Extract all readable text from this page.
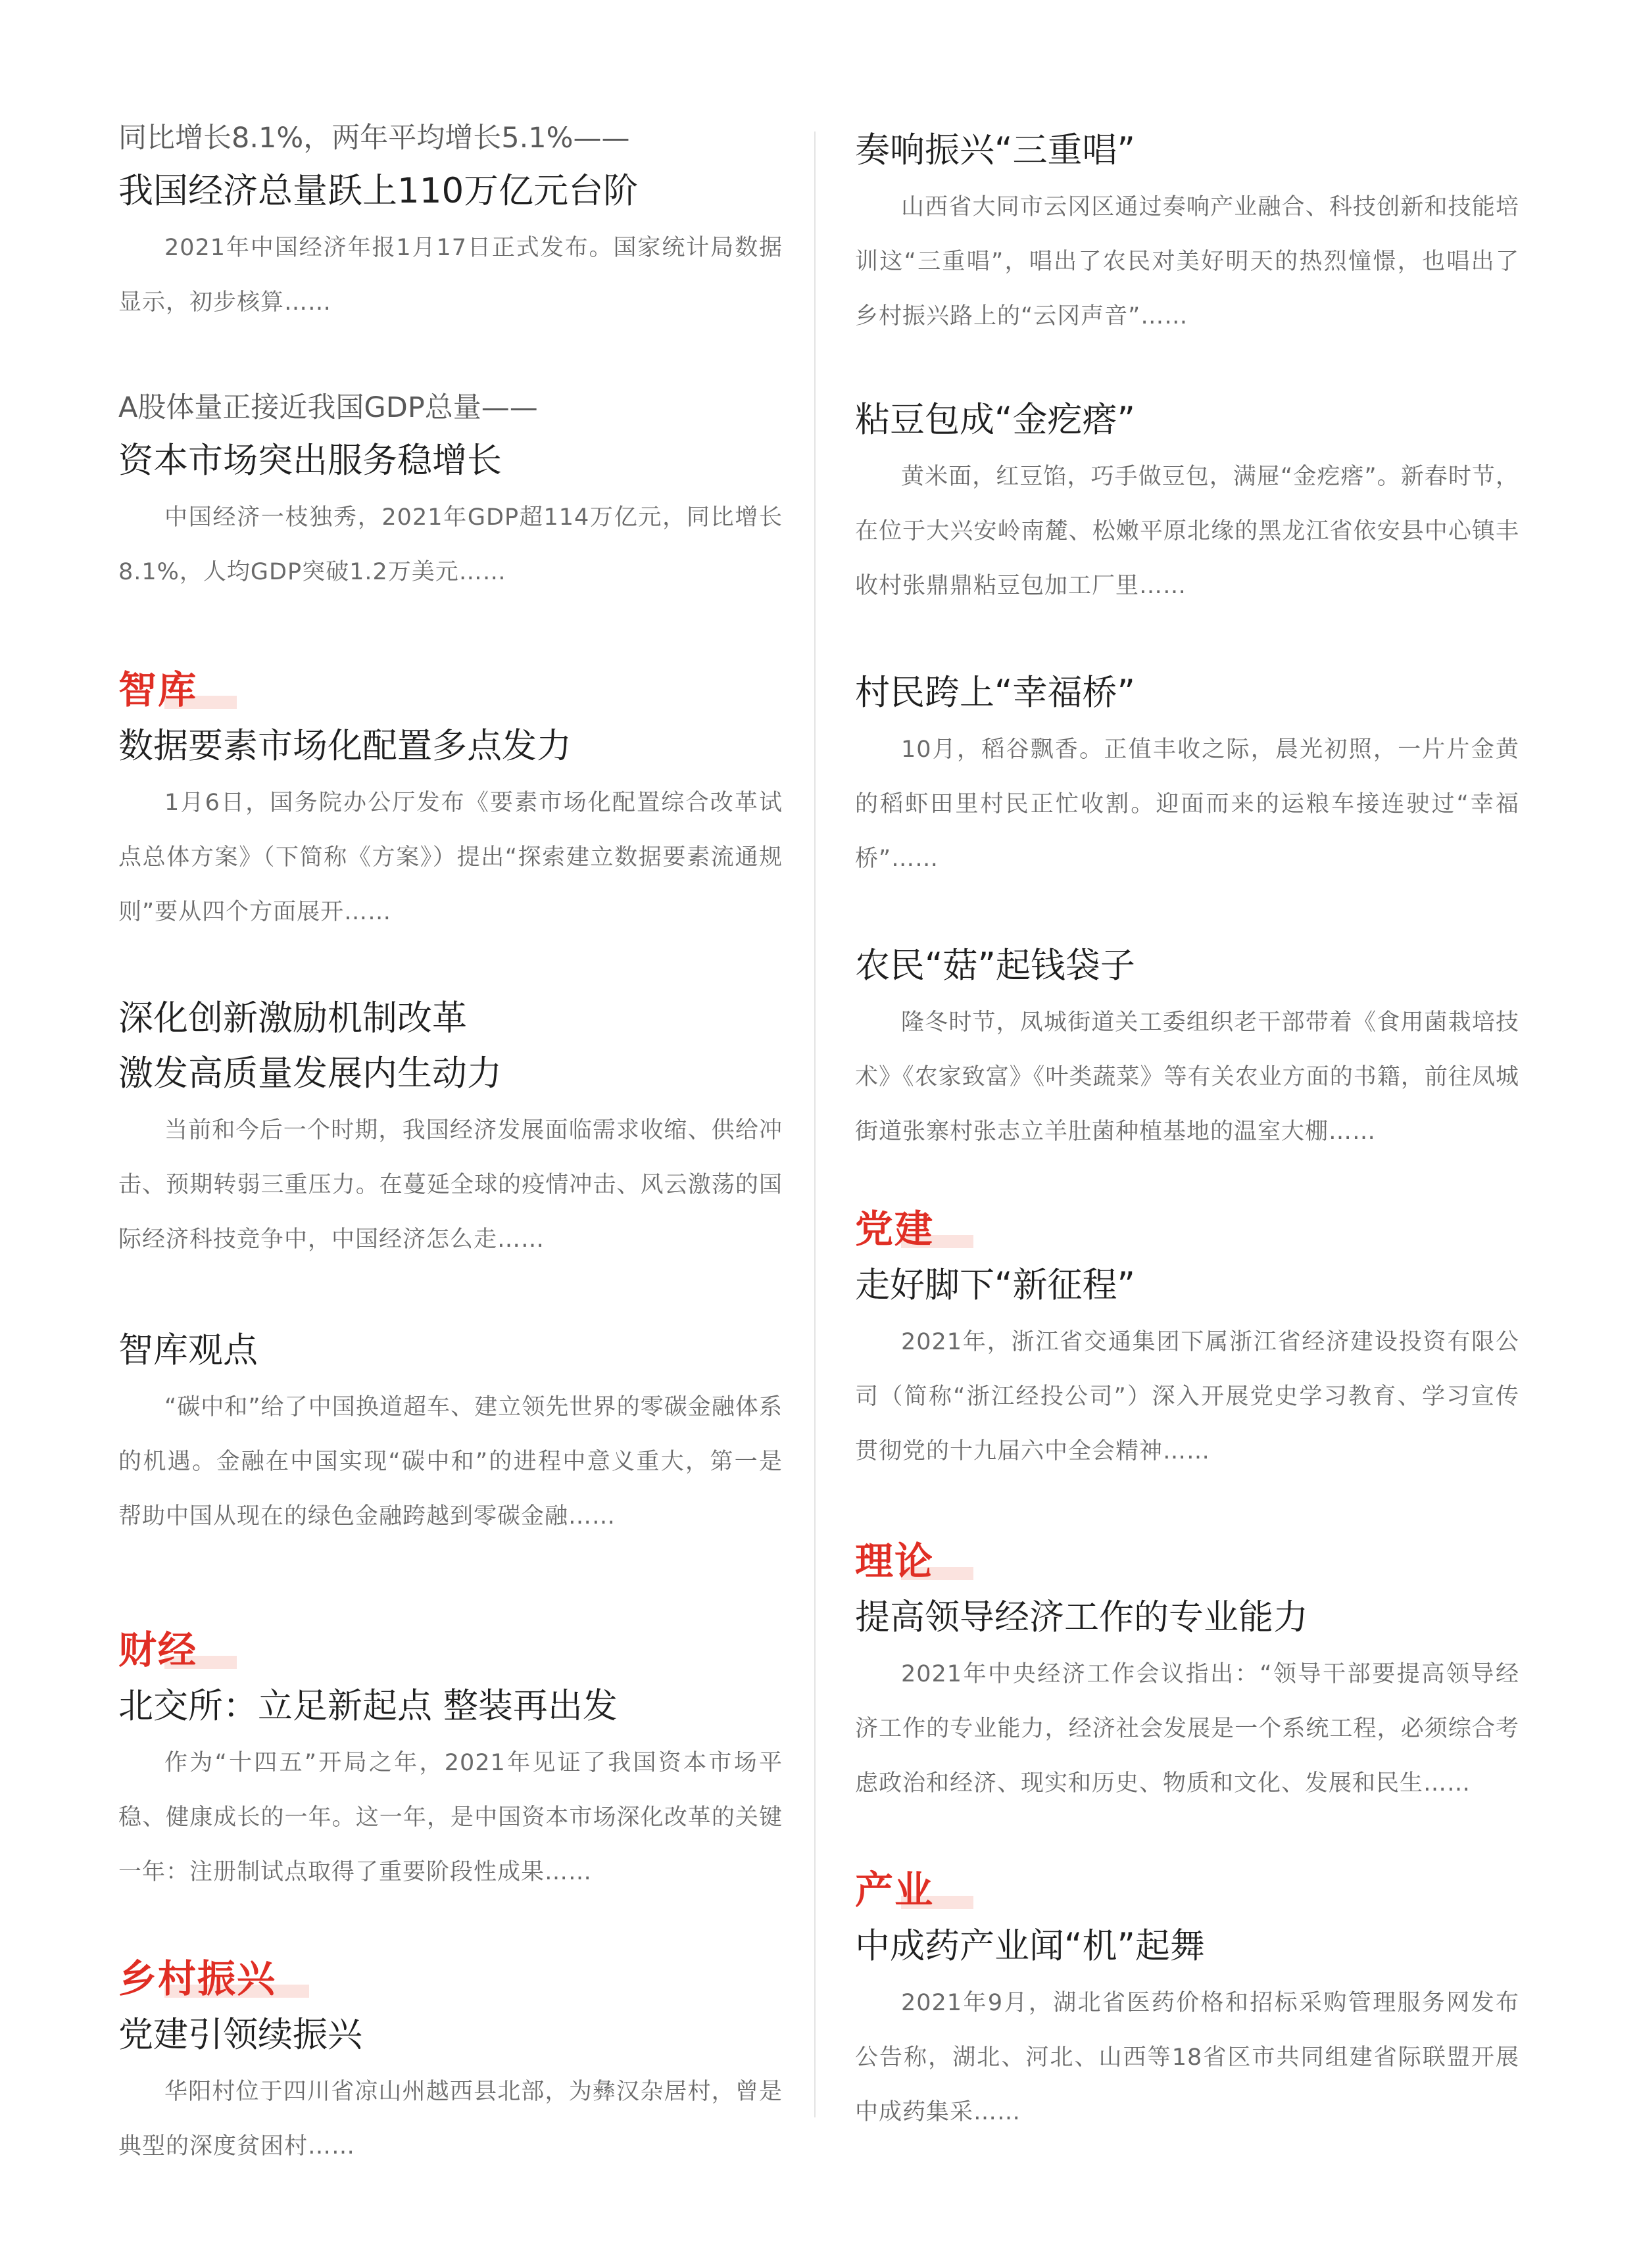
同比增长8.1%，两年平均增长5.1%——

我国经济总量跃上110万亿元台阶

2021年中国经济年报1月17日正式发布。国家统计局数据显示，初步核算……

A股体量正接近我国GDP总量——

资本市场突出服务稳增长

中国经济一枝独秀，2021年GDP超114万亿元，同比增长8.1%，人均GDP突破1.2万美元……

智库

数据要素市场化配置多点发力

1月6日，国务院办公厅发布《要素市场化配置综合改革试点总体方案》（下简称《方案》）提出“探索建立数据要素流通规则”要从四个方面展开……

深化创新激励机制改革

激发高质量发展内生动力

当前和今后一个时期，我国经济发展面临需求收缩、供给冲击、预期转弱三重压力。在蔓延全球的疫情冲击、风云激荡的国际经济科技竞争中，中国经济怎么走……

智库观点

“碳中和”给了中国换道超车、建立领先世界的零碳金融体系的机遇。金融在中国实现“碳中和”的进程中意义重大，第一是帮助中国从现在的绿色金融跨越到零碳金融……

财经

北交所：立足新起点 整装再出发

作为“十四五”开局之年，2021年见证了我国资本市场平稳、健康成长的一年。这一年，是中国资本市场深化改革的关键一年：注册制试点取得了重要阶段性成果……

乡村振兴

党建引领续振兴

华阳村位于四川省凉山州越西县北部，为彝汉杂居村，曾是典型的深度贫困村……

奏响振兴“三重唱”

山西省大同市云冈区通过奏响产业融合、科技创新和技能培训这“三重唱”，唱出了农民对美好明天的热烈憧憬，也唱出了乡村振兴路上的“云冈声音”……

粘豆包成“金疙瘩”

黄米面，红豆馅，巧手做豆包，满屉“金疙瘩”。新春时节，在位于大兴安岭南麓、松嫩平原北缘的黑龙江省依安县中心镇丰收村张鼎鼎粘豆包加工厂里……

村民跨上“幸福桥”

10月，稻谷飘香。正值丰收之际，晨光初照，一片片金黄的稻虾田里村民正忙收割。迎面而来的运粮车接连驶过“幸福桥”……

农民“菇”起钱袋子

隆冬时节，凤城街道关工委组织老干部带着《食用菌栽培技术》《农家致富》《叶类蔬菜》等有关农业方面的书籍，前往凤城街道张寨村张志立羊肚菌种植基地的温室大棚……

党建

走好脚下“新征程”

2021年，浙江省交通集团下属浙江省经济建设投资有限公司（简称“浙江经投公司”）深入开展党史学习教育、学习宣传贯彻党的十九届六中全会精神……

理论

提高领导经济工作的专业能力

2021年中央经济工作会议指出：“领导干部要提高领导经济工作的专业能力，经济社会发展是一个系统工程，必须综合考虑政治和经济、现实和历史、物质和文化、发展和民生……

产业

中成药产业闻“机”起舞

2021年9月，湖北省医药价格和招标采购管理服务网发布公告称，湖北、河北、山西等18省区市共同组建省际联盟开展中成药集采……
